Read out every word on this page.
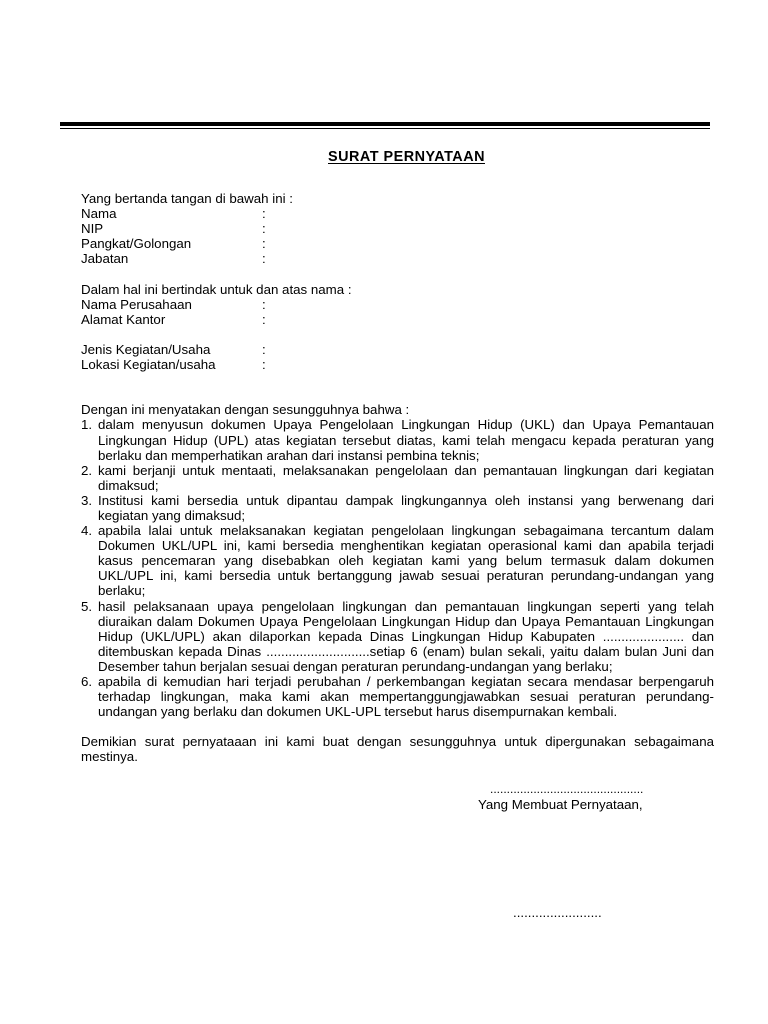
SURAT PERNYATAAN

Yang bertanda tangan di bawah ini :

Nama	:
NIP	:
Pangkat/Golongan	:
Jabatan	:

Dalam hal ini bertindak untuk dan atas nama :

Nama Perusahaan	:
Alamat Kantor	:
Jenis Kegiatan/Usaha	:
Lokasi Kegiatan/usaha	:

Dengan ini menyatakan dengan sesungguhnya bahwa :

1. dalam menyusun dokumen Upaya Pengelolaan Lingkungan Hidup (UKL) dan Upaya Pemantauan Lingkungan Hidup (UPL) atas kegiatan tersebut diatas, kami telah mengacu kepada peraturan yang berlaku dan memperhatikan arahan dari instansi pembina teknis;
2. kami berjanji untuk mentaati, melaksanakan pengelolaan dan pemantauan lingkungan dari kegiatan dimaksud;
3. Institusi kami bersedia untuk dipantau dampak lingkungannya oleh instansi yang berwenang dari kegiatan yang dimaksud;
4. apabila lalai untuk melaksanakan kegiatan pengelolaan lingkungan sebagaimana tercantum dalam Dokumen UKL/UPL ini, kami bersedia menghentikan kegiatan operasional kami dan apabila terjadi kasus pencemaran yang disebabkan oleh kegiatan kami yang belum termasuk dalam dokumen UKL/UPL ini, kami bersedia untuk bertanggung jawab sesuai peraturan perundang-undangan yang berlaku;
5. hasil pelaksanaan upaya pengelolaan lingkungan dan pemantauan lingkungan seperti yang telah diuraikan dalam Dokumen Upaya Pengelolaan Lingkungan Hidup dan Upaya Pemantauan Lingkungan Hidup (UKL/UPL) akan dilaporkan kepada Dinas Lingkungan Hidup Kabupaten ...................... dan ditembuskan kepada Dinas ............................setiap 6 (enam) bulan sekali, yaitu dalam bulan Juni dan Desember tahun berjalan sesuai dengan peraturan perundang-undangan yang berlaku;
6. apabila di kemudian hari terjadi perubahan / perkembangan kegiatan secara mendasar berpengaruh terhadap lingkungan, maka kami akan mempertanggungjawabkan sesuai peraturan perundang-undangan yang berlaku dan dokumen UKL-UPL tersebut harus disempurnakan kembali.

Demikian surat pernyataaan ini kami buat dengan sesungguhnya untuk dipergunakan sebagaimana mestinya.

..............................................
Yang Membuat Pernyataan,
........................
